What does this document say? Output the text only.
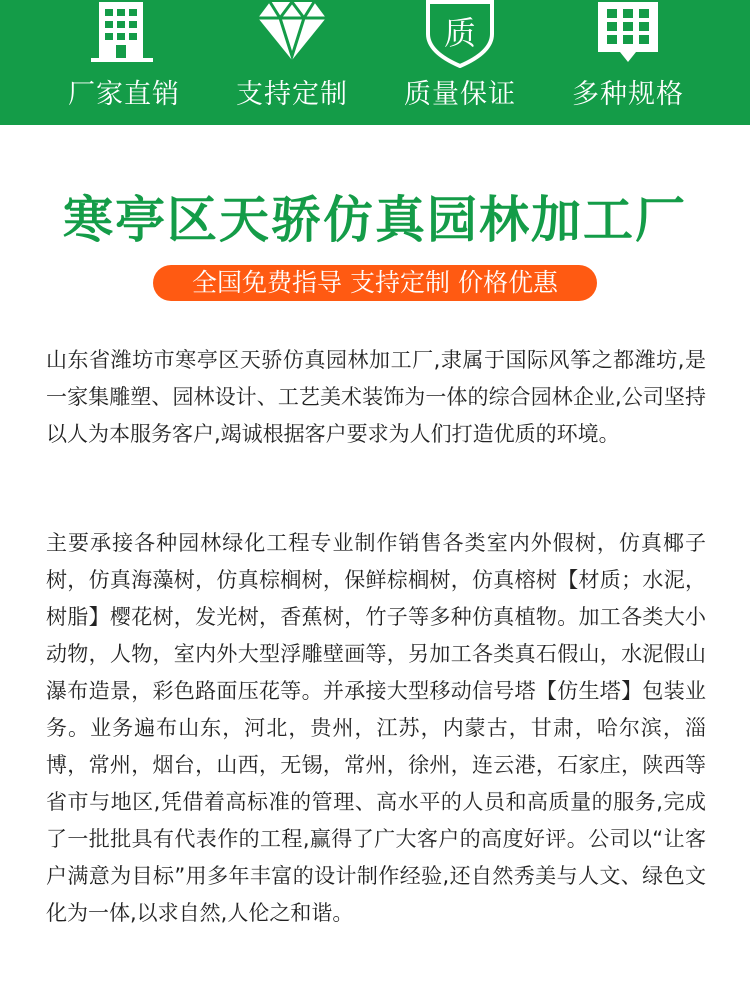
厂家直销	支持定制
质
质量保证	多种规格
寒亭区天骄仿真园林加工厂
全国免费指导 支持定制 价格优惠

山东省潍坊市寒亭区天骄仿真园林加工厂,隶属于国际风筝之都潍坊,是一家集雕塑、园林设计、工艺美术装饰为一体的综合园林企业,公司坚持以人为本服务客户,竭诚根据客户要求为人们打造优质的环境。

主要承接各种园林绿化工程专业制作销售各类室内外假树，仿真椰子树，仿真海藻树，仿真棕榈树，保鲜棕榈树，仿真榕树【材质；水泥，树脂】樱花树，发光树，香蕉树，竹子等多种仿真植物。加工各类大小动物，人物，室内外大型浮雕壁画等，另加工各类真石假山，水泥假山瀑布造景，彩色路面压花等。并承接大型移动信号塔【仿生塔】包装业务。业务遍布山东，河北，贵州，江苏，内蒙古，甘肃，哈尔滨，淄博，常州，烟台，山西，无锡，常州，徐州，连云港，石家庄，陕西等省市与地区,凭借着高标准的管理、高水平的人员和高质量的服务,完成了一批批具有代表作的工程,赢得了广大客户的高度好评。公司以“让客户满意为目标”用多年丰富的设计制作经验,还自然秀美与人文、绿色文化为一体,以求自然,人伦之和谐。
